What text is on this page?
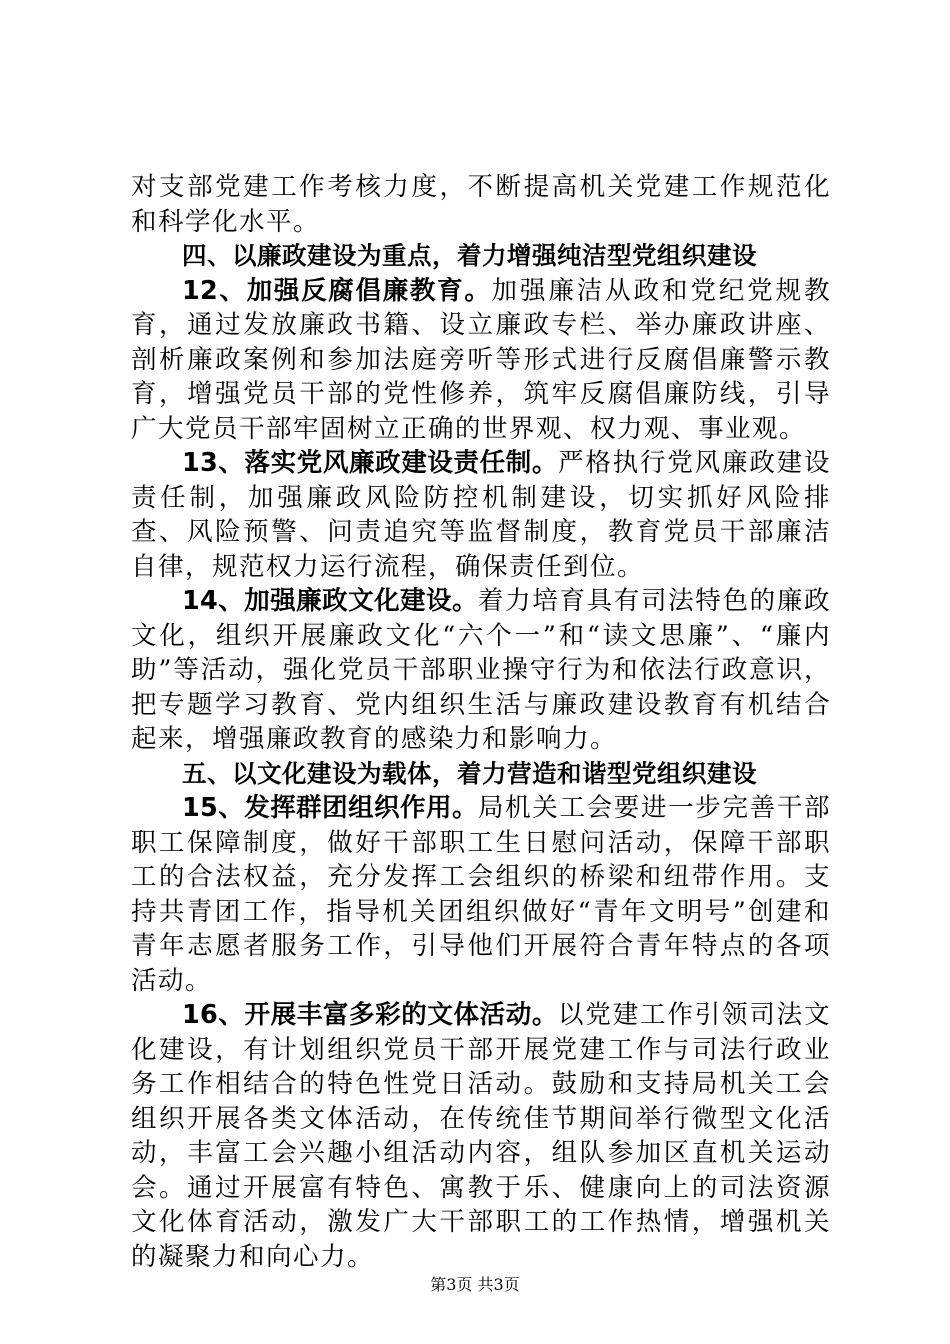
对支部党建工作考核力度，不断提高机关党建工作规范化和科学化水平。

四、以廉政建设为重点，着力增强纯洁型党组织建设

12、加强反腐倡廉教育。加强廉洁从政和党纪党规教育，通过发放廉政书籍、设立廉政专栏、举办廉政讲座、剖析廉政案例和参加法庭旁听等形式进行反腐倡廉警示教育，增强党员干部的党性修养，筑牢反腐倡廉防线，引导广大党员干部牢固树立正确的世界观、权力观、事业观。

13、落实党风廉政建设责任制。严格执行党风廉政建设责任制，加强廉政风险防控机制建设，切实抓好风险排查、风险预警、问责追究等监督制度，教育党员干部廉洁自律，规范权力运行流程，确保责任到位。

14、加强廉政文化建设。着力培育具有司法特色的廉政文化，组织开展廉政文化“六个一”和“读文思廉”、“廉内助”等活动，强化党员干部职业操守行为和依法行政意识，把专题学习教育、党内组织生活与廉政建设教育有机结合起来，增强廉政教育的感染力和影响力。

五、以文化建设为载体，着力营造和谐型党组织建设

15、发挥群团组织作用。局机关工会要进一步完善干部职工保障制度，做好干部职工生日慰问活动，保障干部职工的合法权益，充分发挥工会组织的桥梁和纽带作用。支持共青团工作，指导机关团组织做好“青年文明号”创建和青年志愿者服务工作，引导他们开展符合青年特点的各项活动。

16、开展丰富多彩的文体活动。以党建工作引领司法文化建设，有计划组织党员干部开展党建工作与司法行政业务工作相结合的特色性党日活动。鼓励和支持局机关工会组织开展各类文体活动，在传统佳节期间举行微型文化活动，丰富工会兴趣小组活动内容，组队参加区直机关运动会。通过开展富有特色、寓教于乐、健康向上的司法资源文化体育活动，激发广大干部职工的工作热情，增强机关的凝聚力和向心力。

第3页 共3页
